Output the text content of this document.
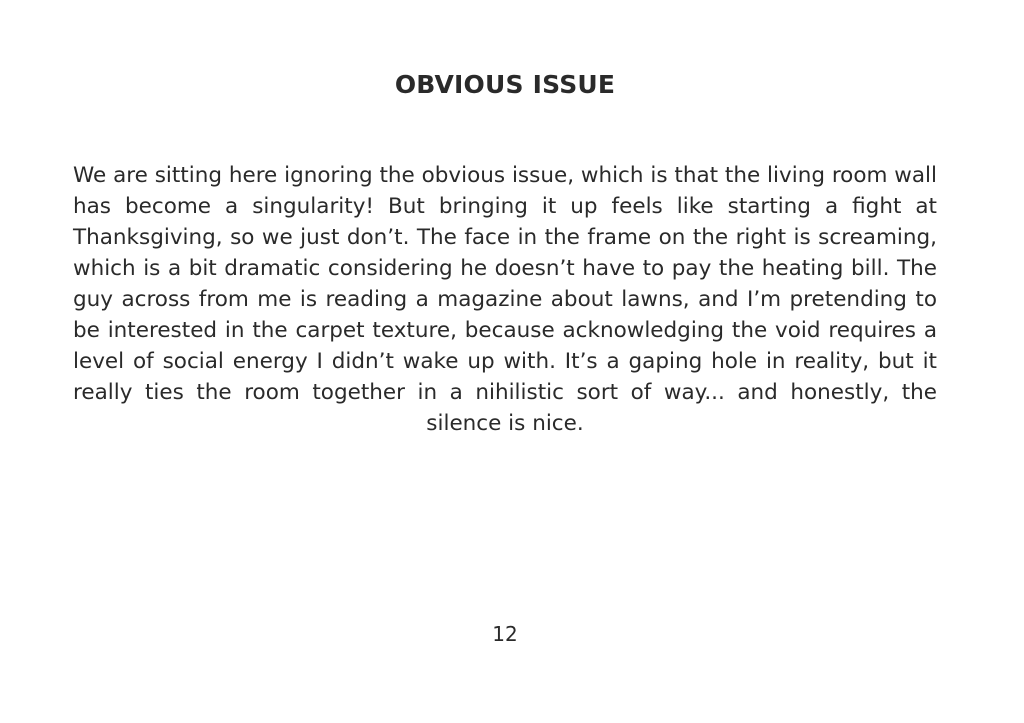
OBVIOUS ISSUE
We are sitting here ignoring the obvious issue, which is that the living room wall has become a singularity! But bringing it up feels like starting a fight at Thanksgiving, so we just don’t. The face in the frame on the right is screaming, which is a bit dramatic considering he doesn’t have to pay the heating bill. The guy across from me is reading a magazine about lawns, and I’m pretending to be interested in the carpet texture, because acknowledging the void requires a level of social energy I didn’t wake up with. It’s a gaping hole in reality, but it really ties the room together in a nihilistic sort of way... and honestly, the silence is nice.
12
